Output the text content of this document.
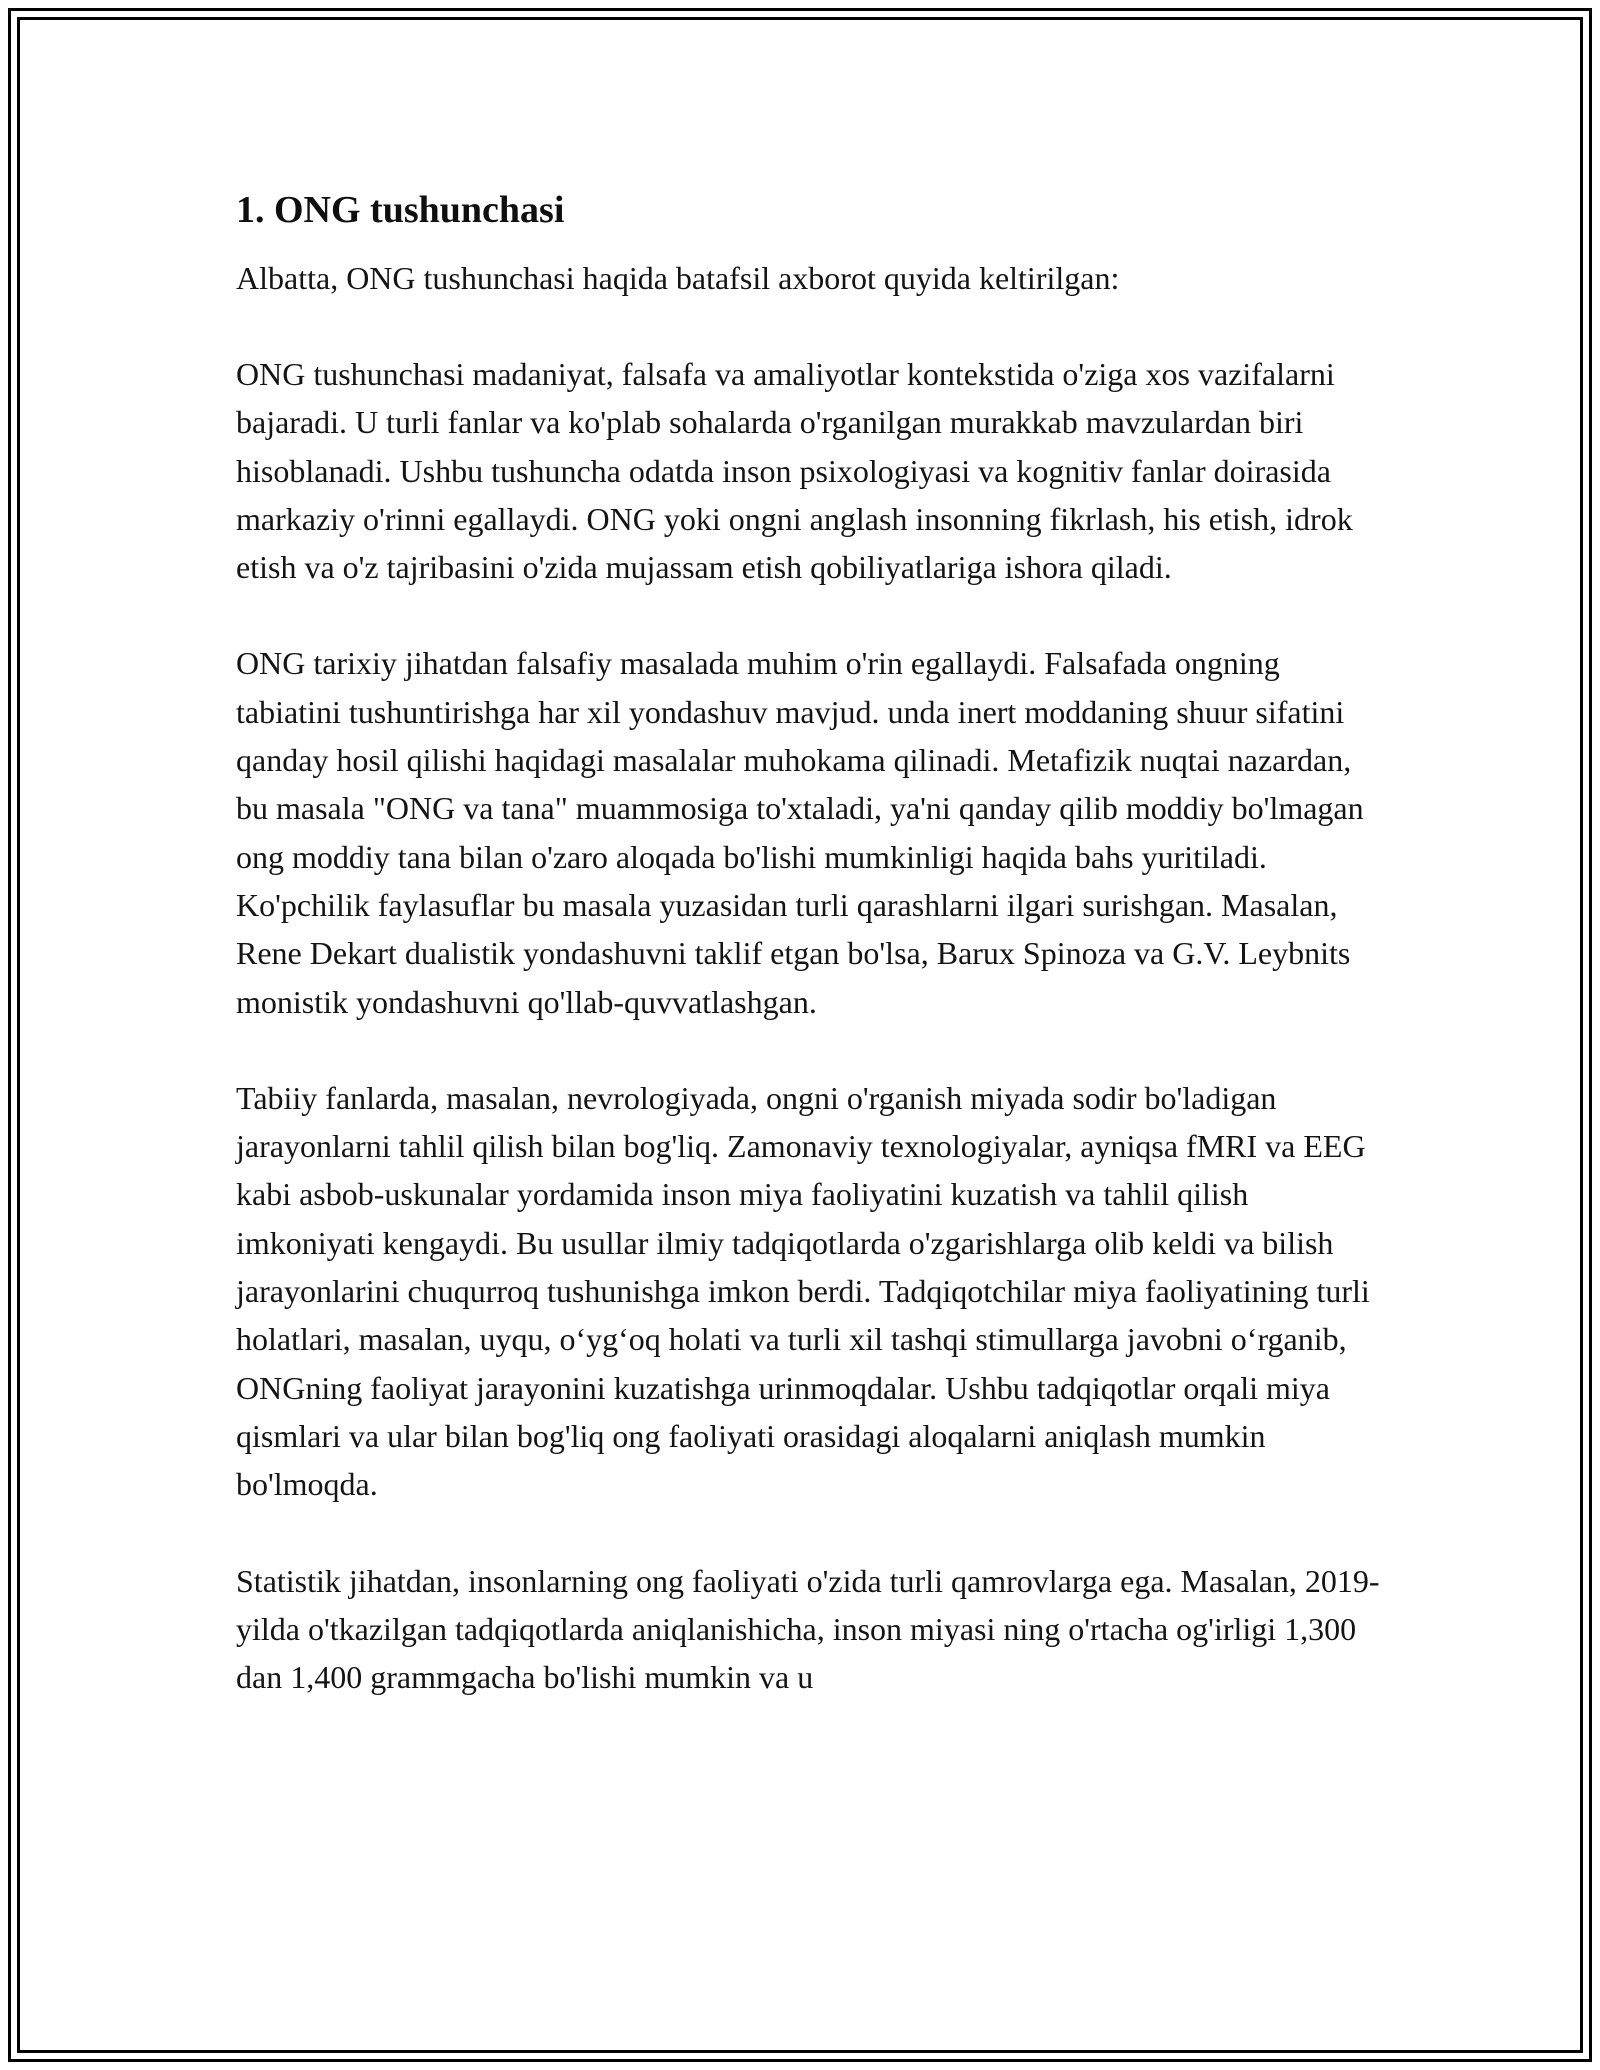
1. ONG tushunchasi

Albatta, ONG tushunchasi haqida batafsil axborot quyida keltirilgan:

ONG tushunchasi madaniyat, falsafa va amaliyotlar kontekstida o'ziga xos vazifalarni bajaradi. U turli fanlar va ko'plab sohalarda o'rganilgan murakkab mavzulardan biri hisoblanadi. Ushbu tushuncha odatda inson psixologiyasi va kognitiv fanlar doirasida markaziy o'rinni egallaydi. ONG yoki ongni anglash insonning fikrlash, his etish, idrok etish va o'z tajribasini o'zida mujassam etish qobiliyatlariga ishora qiladi.

ONG tarixiy jihatdan falsafiy masalada muhim o'rin egallaydi. Falsafada ongning tabiatini tushuntirishga har xil yondashuv mavjud. unda inert moddaning shuur sifatini qanday hosil qilishi haqidagi masalalar muhokama qilinadi. Metafizik nuqtai nazardan, bu masala "ONG va tana" muammosiga to'xtaladi, ya'ni qanday qilib moddiy bo'lmagan ong moddiy tana bilan o'zaro aloqada bo'lishi mumkinligi haqida bahs yuritiladi. Ko'pchilik faylasuflar bu masala yuzasidan turli qarashlarni ilgari surishgan. Masalan, Rene Dekart dualistik yondashuvni taklif etgan bo'lsa, Barux Spinoza va G.V. Leybnits monistik yondashuvni qo'llab-quvvatlashgan.

Tabiiy fanlarda, masalan, nevrologiyada, ongni o'rganish miyada sodir bo'ladigan jarayonlarni tahlil qilish bilan bog'liq. Zamonaviy texnologiyalar, ayniqsa fMRI va EEG kabi asbob-uskunalar yordamida inson miya faoliyatini kuzatish va tahlil qilish imkoniyati kengaydi. Bu usullar ilmiy tadqiqotlarda o'zgarishlarga olib keldi va bilish jarayonlarini chuqurroq tushunishga imkon berdi. Tadqiqotchilar miya faoliyatining turli holatlari, masalan, uyqu, o‘yg‘oq holati va turli xil tashqi stimullarga javobni o‘rganib, ONGning faoliyat jarayonini kuzatishga urinmoqdalar. Ushbu tadqiqotlar orqali miya qismlari va ular bilan bog'liq ong faoliyati orasidagi aloqalarni aniqlash mumkin bo'lmoqda.

Statistik jihatdan, insonlarning ong faoliyati o'zida turli qamrovlarga ega. Masalan, 2019-yilda o'tkazilgan tadqiqotlarda aniqlanishicha, inson miyasi ning o'rtacha og'irligi 1,300 dan 1,400 grammgacha bo'lishi mumkin va u
